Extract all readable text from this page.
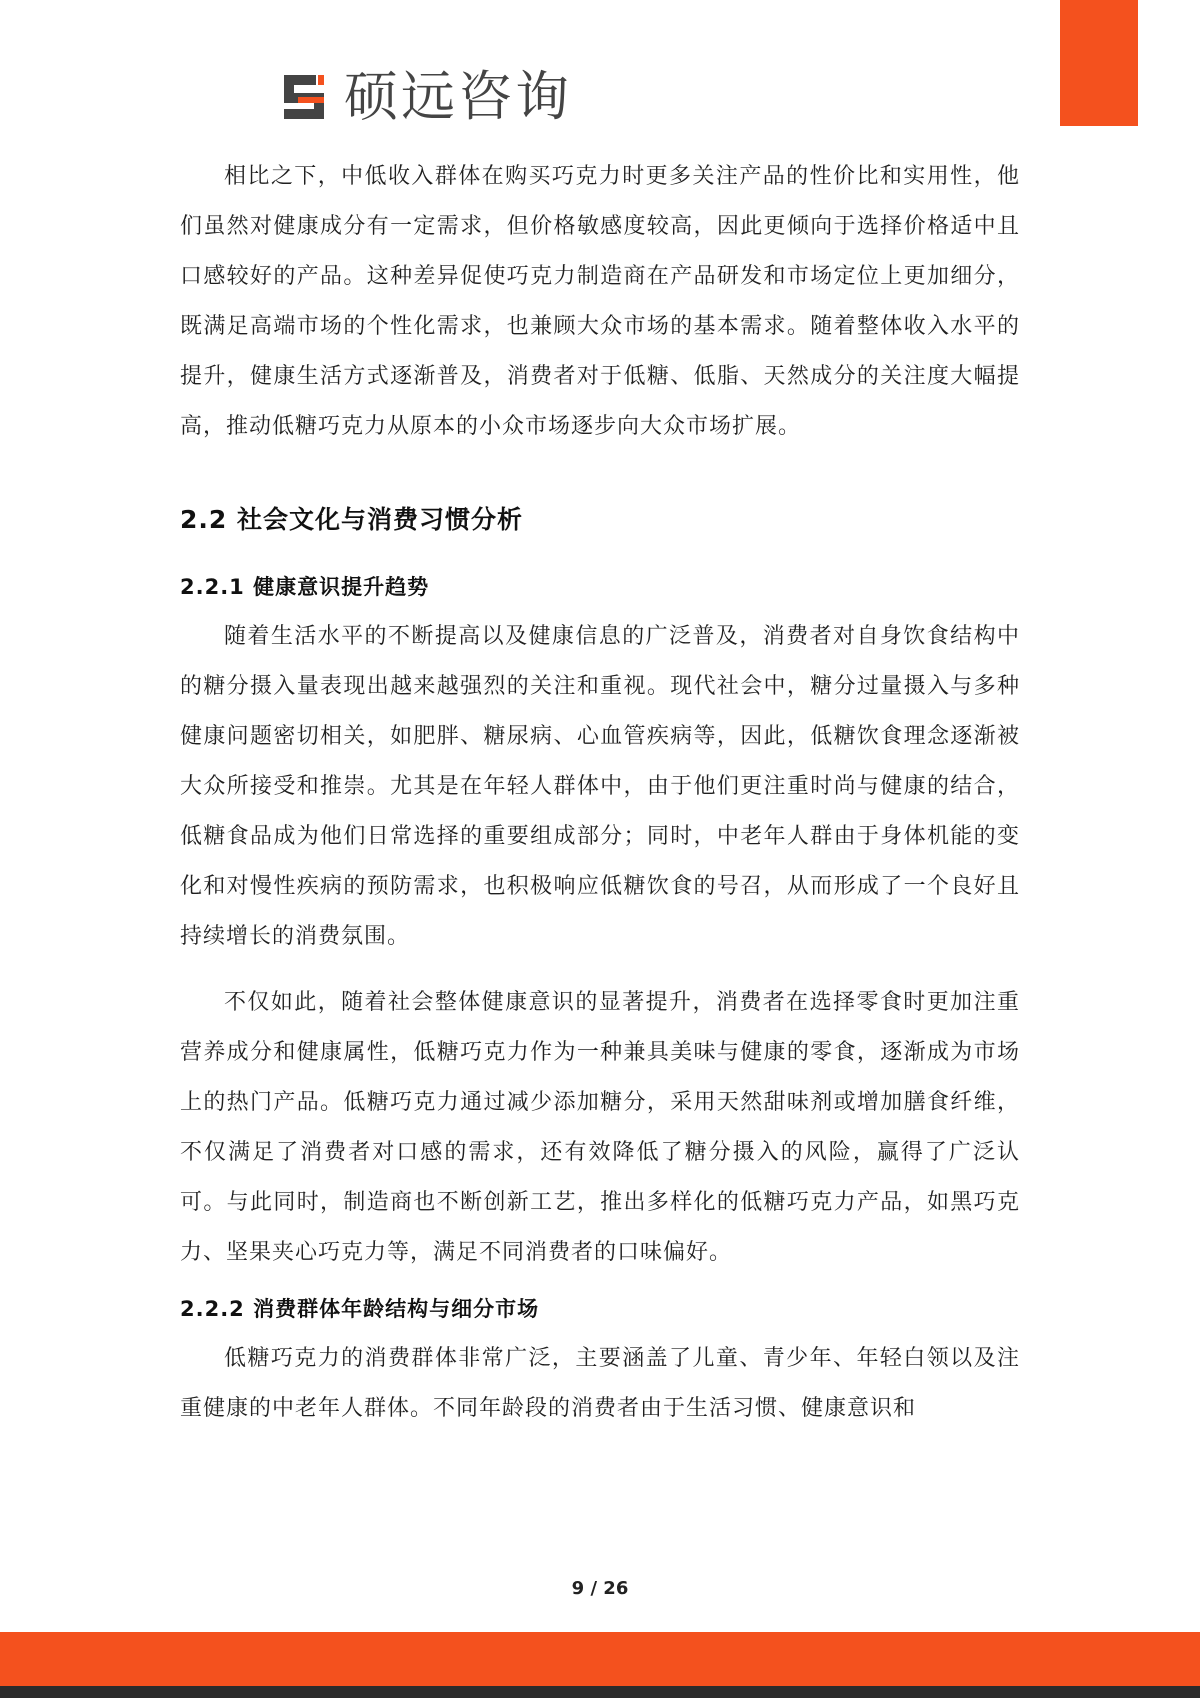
硕远咨询

相比之下，中低收入群体在购买巧克力时更多关注产品的性价比和实用性，他们虽然对健康成分有一定需求，但价格敏感度较高，因此更倾向于选择价格适中且口感较好的产品。这种差异促使巧克力制造商在产品研发和市场定位上更加细分，既满足高端市场的个性化需求，也兼顾大众市场的基本需求。随着整体收入水平的提升，健康生活方式逐渐普及，消费者对于低糖、低脂、天然成分的关注度大幅提高，推动低糖巧克力从原本的小众市场逐步向大众市场扩展。

2.2 社会文化与消费习惯分析
2.2.1 健康意识提升趋势

随着生活水平的不断提高以及健康信息的广泛普及，消费者对自身饮食结构中的糖分摄入量表现出越来越强烈的关注和重视。现代社会中，糖分过量摄入与多种健康问题密切相关，如肥胖、糖尿病、心血管疾病等，因此，低糖饮食理念逐渐被大众所接受和推崇。尤其是在年轻人群体中，由于他们更注重时尚与健康的结合，低糖食品成为他们日常选择的重要组成部分；同时，中老年人群由于身体机能的变化和对慢性疾病的预防需求，也积极响应低糖饮食的号召，从而形成了一个良好且持续增长的消费氛围。

不仅如此，随着社会整体健康意识的显著提升，消费者在选择零食时更加注重营养成分和健康属性，低糖巧克力作为一种兼具美味与健康的零食，逐渐成为市场上的热门产品。低糖巧克力通过减少添加糖分，采用天然甜味剂或增加膳食纤维，不仅满足了消费者对口感的需求，还有效降低了糖分摄入的风险，赢得了广泛认可。与此同时，制造商也不断创新工艺，推出多样化的低糖巧克力产品，如黑巧克力、坚果夹心巧克力等，满足不同消费者的口味偏好。

2.2.2 消费群体年龄结构与细分市场

低糖巧克力的消费群体非常广泛，主要涵盖了儿童、青少年、年轻白领以及注重健康的中老年人群体。不同年龄段的消费者由于生活习惯、健康意识和

9 / 26
